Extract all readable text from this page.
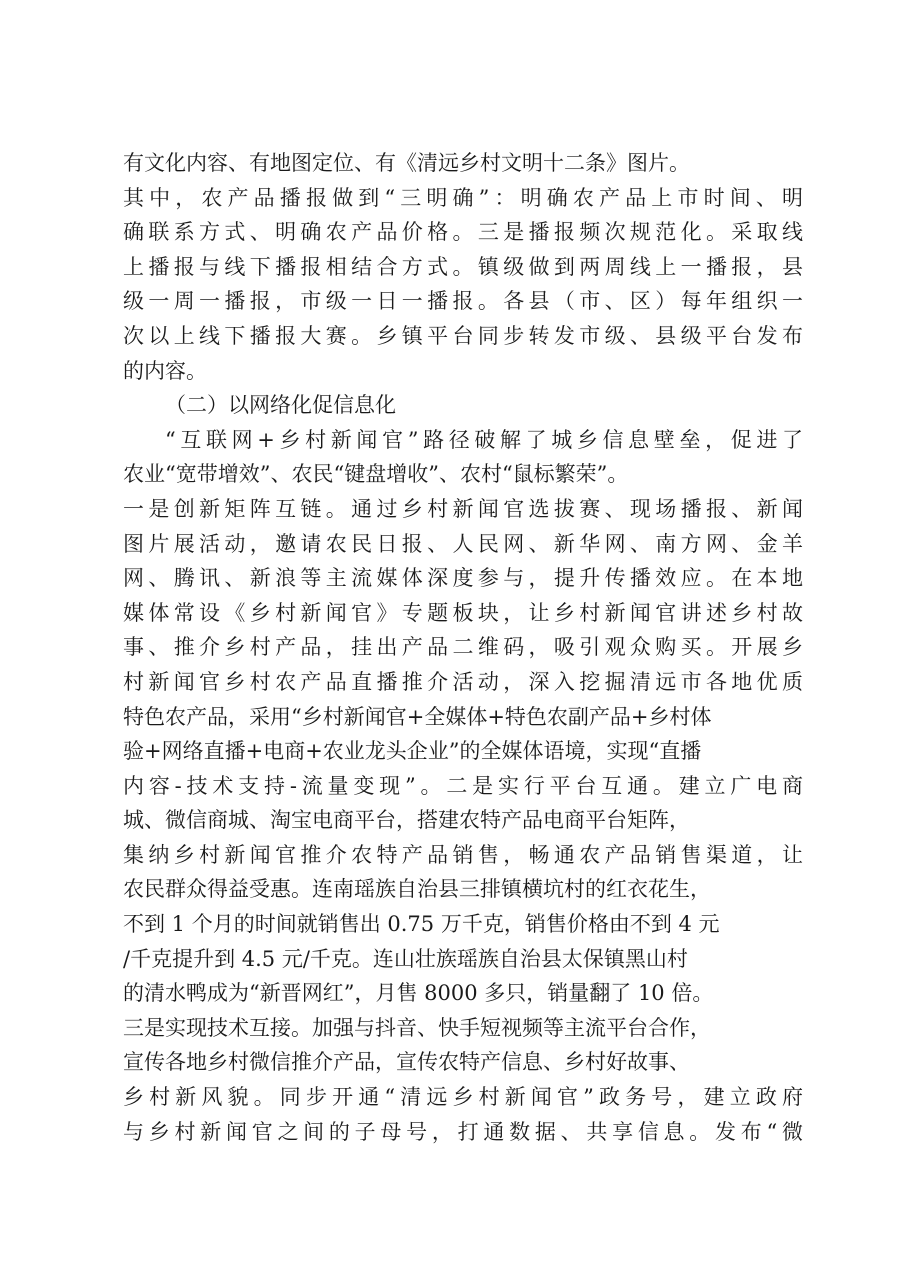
有文化内容、有地图定位、有《清远乡村文明十二条》图片。
其中，农产品播报做到“三明确”：明确农产品上市时间、明
确联系方式、明确农产品价格。三是播报频次规范化。采取线
上播报与线下播报相结合方式。镇级做到两周线上一播报，县
级一周一播报，市级一日一播报。各县（市、区）每年组织一
次以上线下播报大赛。乡镇平台同步转发市级、县级平台发布
的内容。
（二）以网络化促信息化
“互联网+乡村新闻官”路径破解了城乡信息壁垒，促进了
农业“宽带增效”、农民“键盘增收”、农村“鼠标繁荣”。
一是创新矩阵互链。通过乡村新闻官选拔赛、现场播报、新闻
图片展活动，邀请农民日报、人民网、新华网、南方网、金羊
网、腾讯、新浪等主流媒体深度参与，提升传播效应。在本地
媒体常设《乡村新闻官》专题板块，让乡村新闻官讲述乡村故
事、推介乡村产品，挂出产品二维码，吸引观众购买。开展乡
村新闻官乡村农产品直播推介活动，深入挖掘清远市各地优质
特色农产品，采用“乡村新闻官+全媒体+特色农副产品+乡村体
验+网络直播+电商+农业龙头企业”的全媒体语境，实现“直播
内容-技术支持-流量变现”。二是实行平台互通。建立广电商
城、微信商城、淘宝电商平台，搭建农特产品电商平台矩阵，
集纳乡村新闻官推介农特产品销售，畅通农产品销售渠道，让
农民群众得益受惠。连南瑶族自治县三排镇横坑村的红衣花生，
不到 1 个月的时间就销售出 0.75 万千克，销售价格由不到 4 元
/千克提升到 4.5 元/千克。连山壮族瑶族自治县太保镇黑山村
的清水鸭成为“新晋网红”，月售 8000 多只，销量翻了 10 倍。
三是实现技术互接。加强与抖音、快手短视频等主流平台合作，
宣传各地乡村微信推介产品，宣传农特产信息、乡村好故事、
乡村新风貌。同步开通“清远乡村新闻官”政务号，建立政府
与乡村新闻官之间的子母号，打通数据、共享信息。发布“微
